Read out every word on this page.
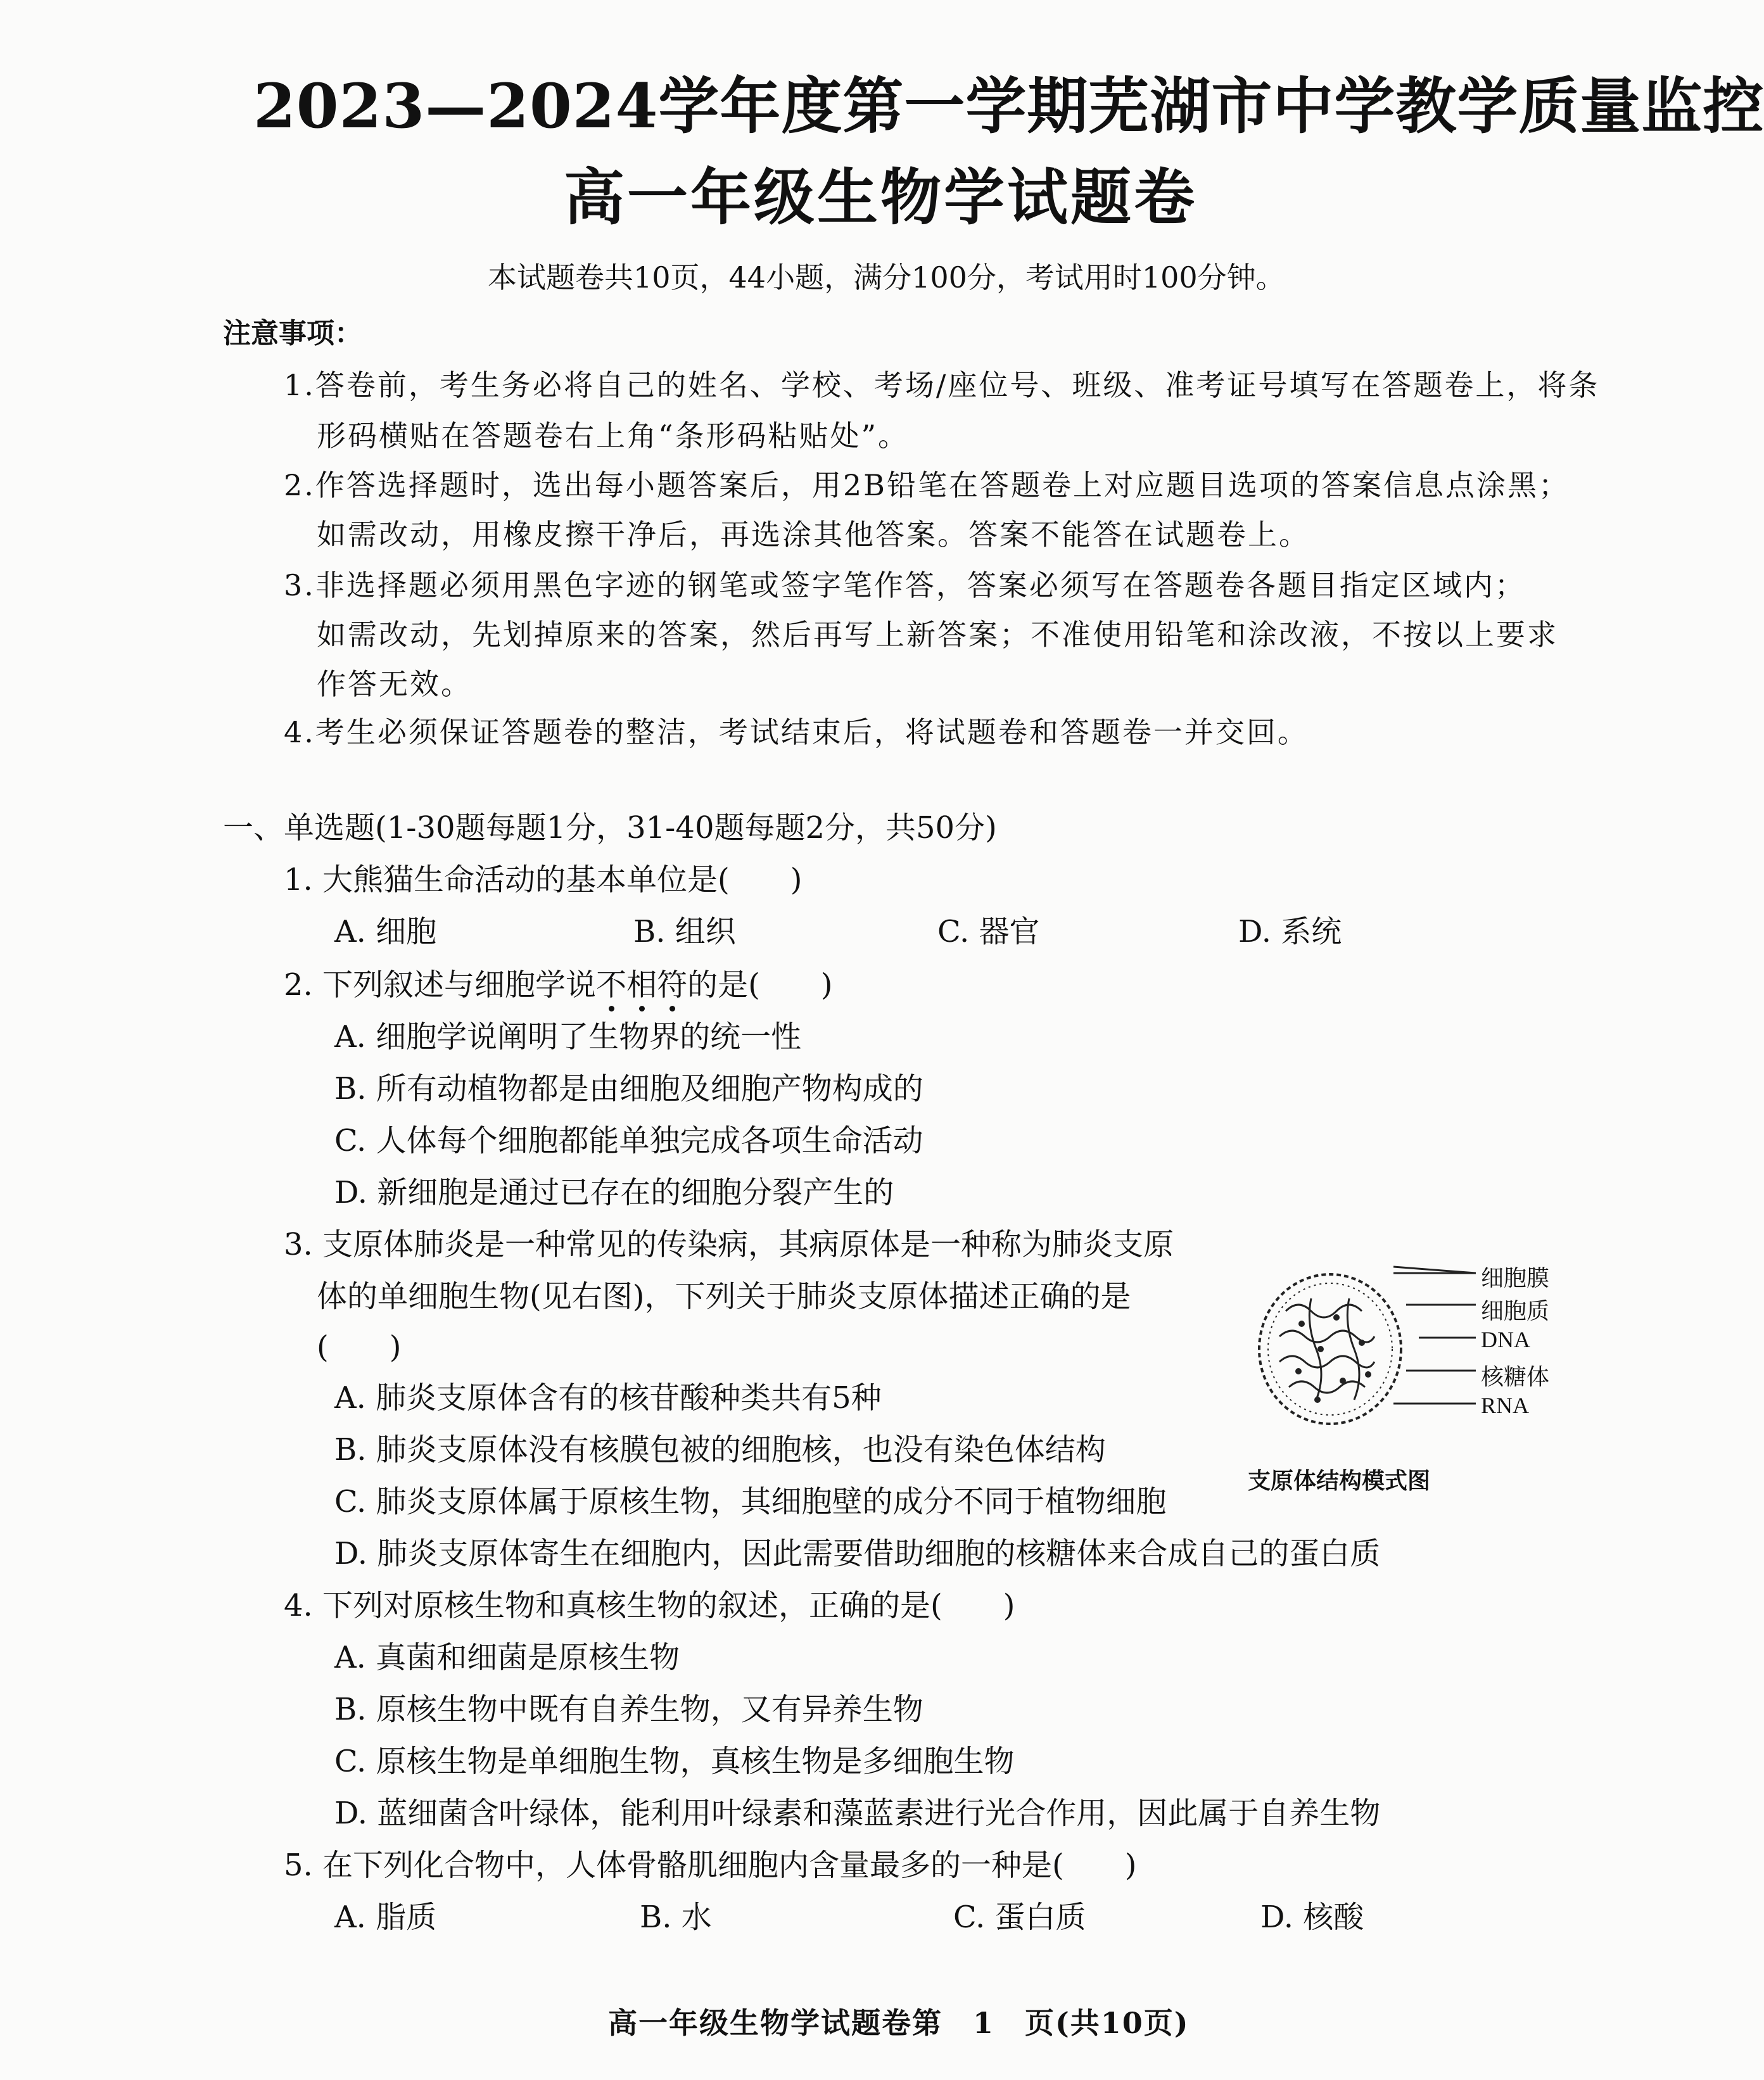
2023—2024学年度第一学期芜湖市中学教学质量监控
高一年级生物学试题卷
本试题卷共10页，44小题，满分100分，考试用时100分钟。
注意事项：
1.答卷前，考生务必将自己的姓名、学校、考场/座位号、班级、准考证号填写在答题卷上，将条
形码横贴在答题卷右上角“条形码粘贴处”。
2.作答选择题时，选出每小题答案后，用2B铅笔在答题卷上对应题目选项的答案信息点涂黑；
如需改动，用橡皮擦干净后，再选涂其他答案。答案不能答在试题卷上。
3.非选择题必须用黑色字迹的钢笔或签字笔作答，答案必须写在答题卷各题目指定区域内；
如需改动，先划掉原来的答案，然后再写上新答案；不准使用铅笔和涂改液，不按以上要求
作答无效。
4.考生必须保证答题卷的整洁，考试结束后，将试题卷和答题卷一并交回。
一、单选题(1-30题每题1分，31-40题每题2分，共50分)
1. 大熊猫生命活动的基本单位是(　　)
A. 细胞	B. 组织	C. 器官	D. 系统
2. 下列叙述与细胞学说不相符
的是(　　)
A. 细胞学说阐明了生物界的统一性
B. 所有动植物都是由细胞及细胞产物构成的
C. 人体每个细胞都能单独完成各项生命活动
D. 新细胞是通过已存在的细胞分裂产生的
3. 支原体肺炎是一种常见的传染病，其病原体是一种称为肺炎支原
体的单细胞生物(见右图)，下列关于肺炎支原体描述正确的是
(　　)
A. 肺炎支原体含有的核苷酸种类共有5种
B. 肺炎支原体没有核膜包被的细胞核，也没有染色体结构
C. 肺炎支原体属于原核生物，其细胞壁的成分不同于植物细胞
D. 肺炎支原体寄生在细胞内，因此需要借助细胞的核糖体来合成自己的蛋白质
细胞膜
细胞质
DNA
核糖体
RNA
支原体结构模式图
4. 下列对原核生物和真核生物的叙述，正确的是(　　)
A. 真菌和细菌是原核生物
B. 原核生物中既有自养生物，又有异养生物
C. 原核生物是单细胞生物，真核生物是多细胞生物
D. 蓝细菌含叶绿体，能利用叶绿素和藻蓝素进行光合作用，因此属于自养生物
5. 在下列化合物中，人体骨骼肌细胞内含量最多的一种是(　　)
A. 脂质	B. 水	C. 蛋白质	D. 核酸
高一年级生物学试题卷第　1　页(共10页)
